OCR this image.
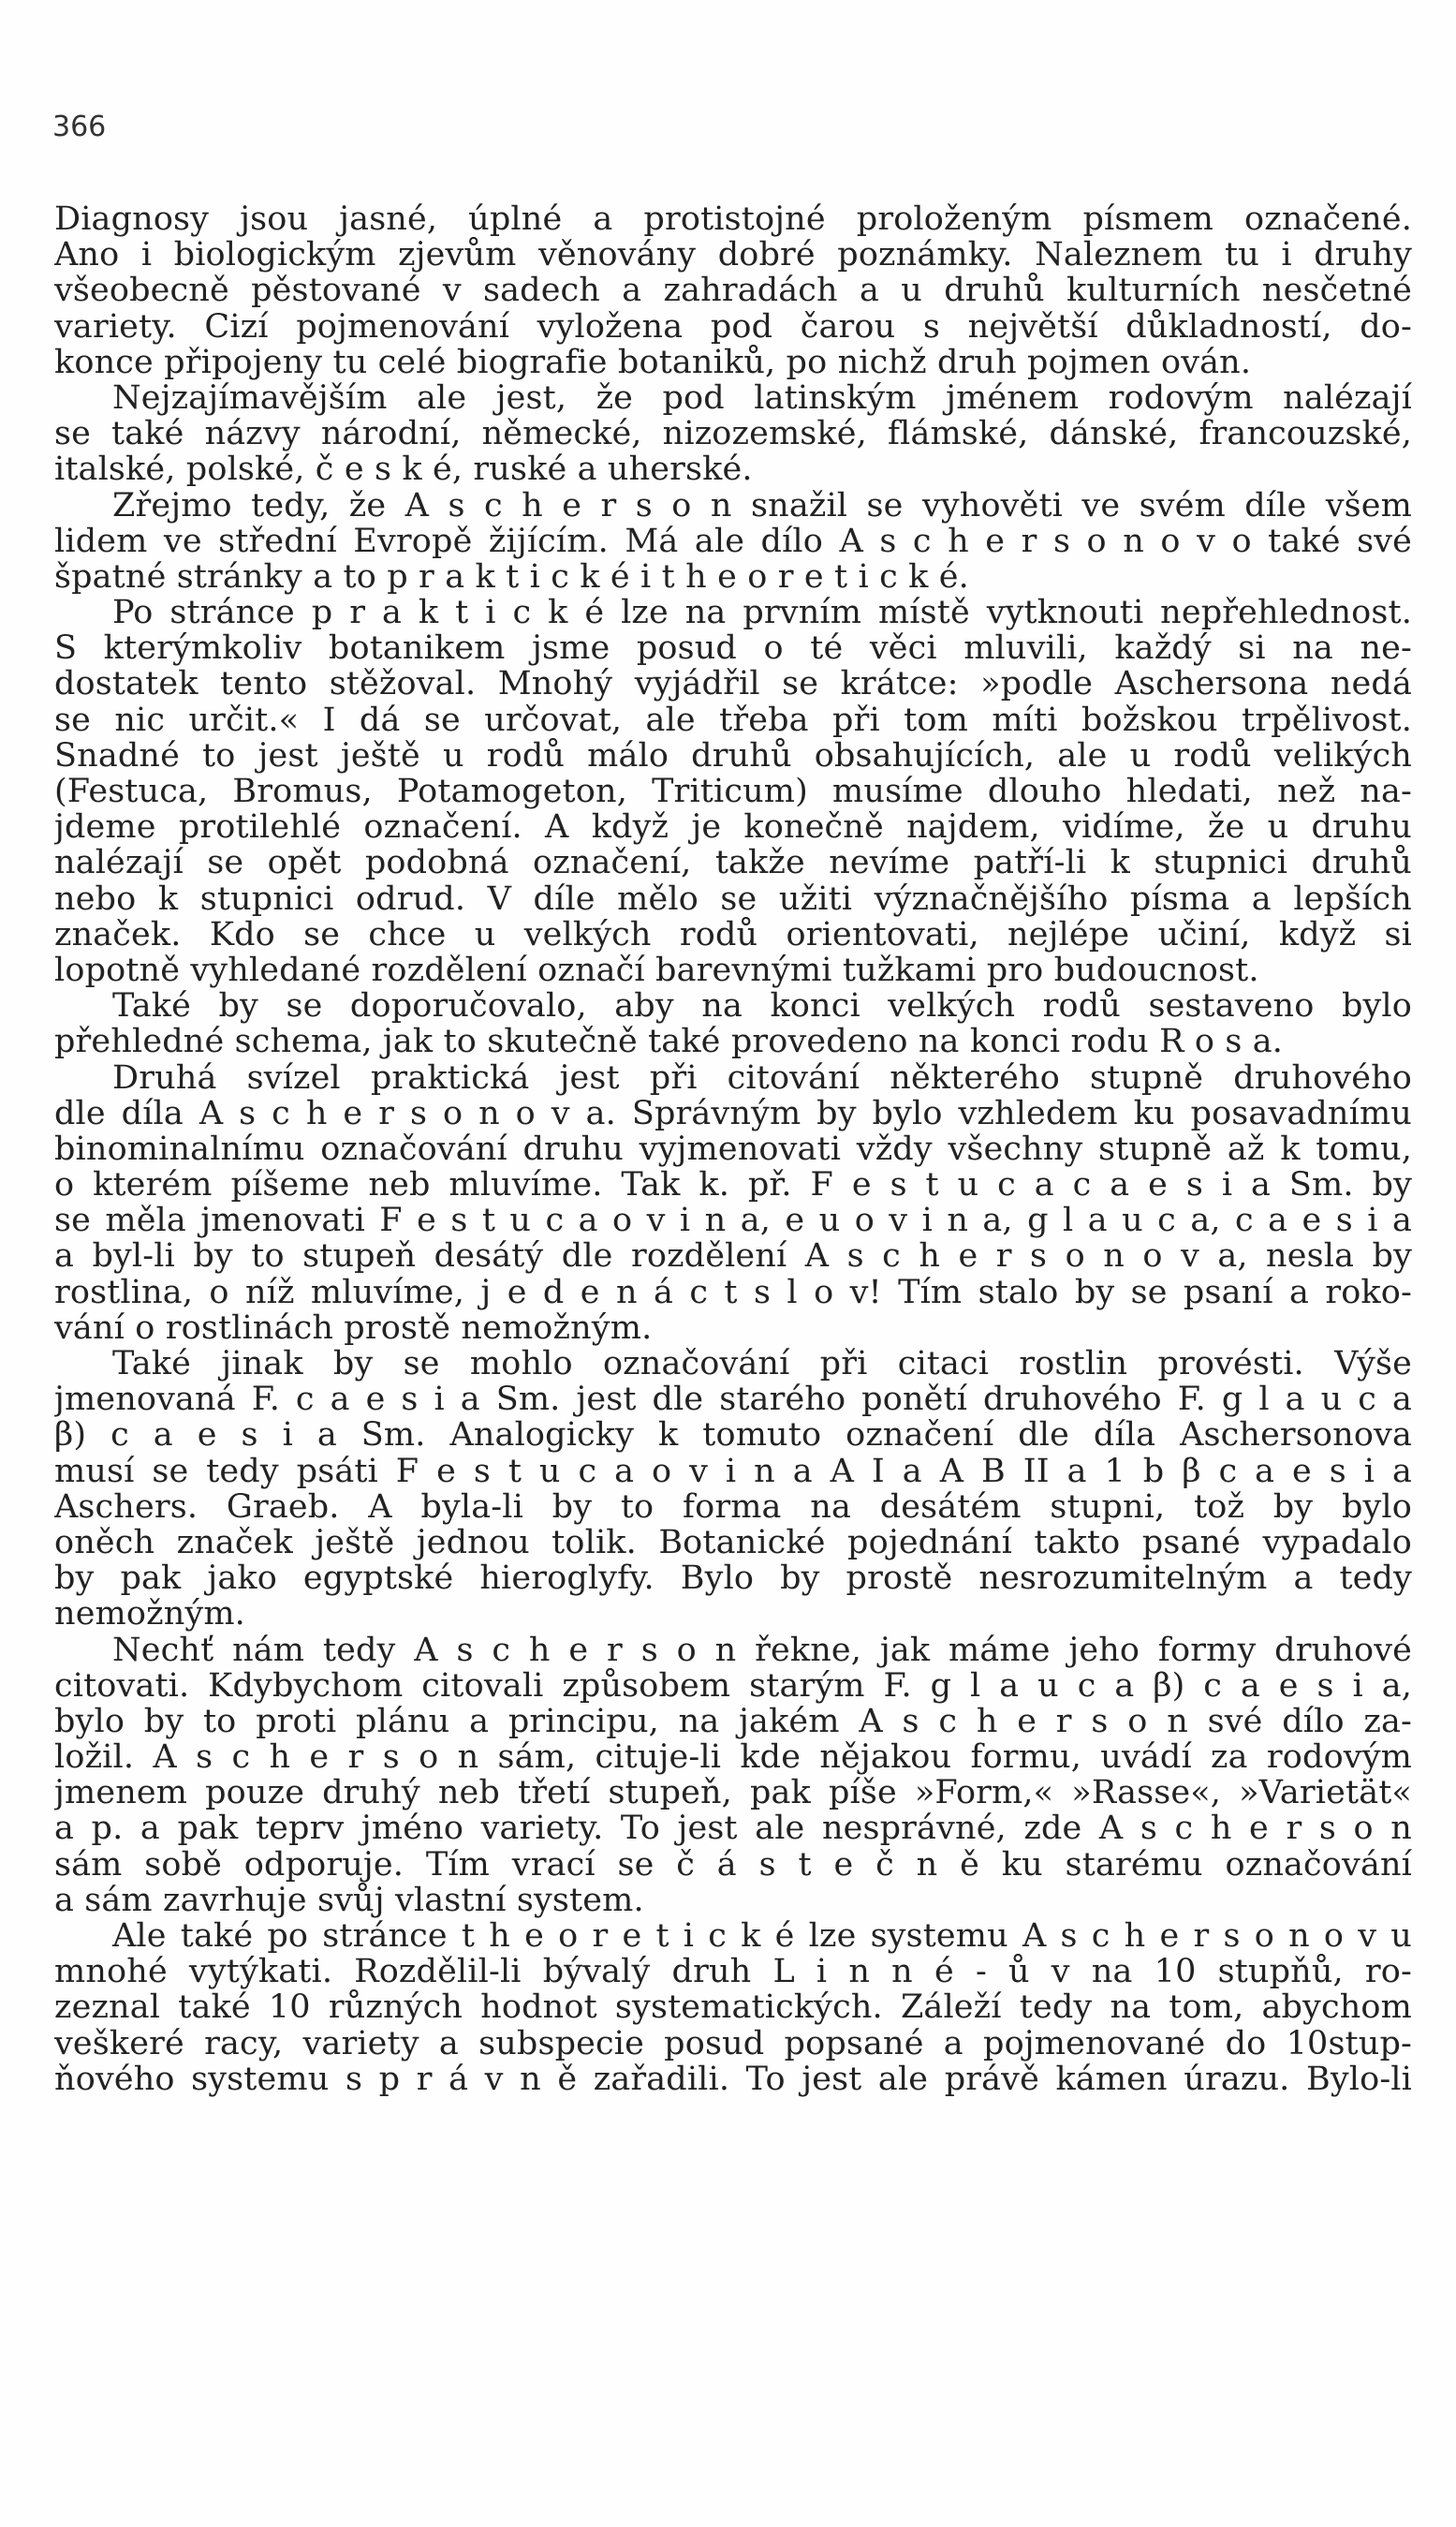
366
Diagnosy jsou jasné, úplné a protistojné proloženým písmem označené.
Ano i biologickým zjevům věnovány dobré poznámky. Naleznem tu i druhy
všeobecně pěstované v sadech a zahradách a u druhů kulturních nesčetné
variety. Cizí pojmenování vyložena pod čarou s největší důkladností, do-
konce připojeny tu celé biografie botaniků, po nichž druh pojmen ován.
Nejzajímavějším ale jest, že pod latinským jménem rodovým nalézají
se také názvy národní, německé, nizozemské, flámské, dánské, francouzské,
italské, polské, č e s k é, ruské a uherské.
Zřejmo tedy, že A s c h e r s o n snažil se vyhověti ve svém díle všem
lidem ve střední Evropě žijícím. Má ale dílo A s c h e r s o n o v o také své
špatné stránky a to p r a k t i c k é i t h e o r e t i c k é.
Po stránce p r a k t i c k é lze na prvním místě vytknouti nepřehlednost.
S kterýmkoliv botanikem jsme posud o té věci mluvili, každý si na ne-
dostatek tento stěžoval. Mnohý vyjádřil se krátce: »podle Aschersona nedá
se nic určit.« I dá se určovat, ale třeba při tom míti božskou trpělivost.
Snadné to jest ještě u rodů málo druhů obsahujících, ale u rodů velikých
(Festuca, Bromus, Potamogeton, Triticum) musíme dlouho hledati, než na-
jdeme protilehlé označení. A když je konečně najdem, vidíme, že u druhu
nalézají se opět podobná označení, takže nevíme patří-li k stupnici druhů
nebo k stupnici odrud. V díle mělo se užiti význačnějšího písma a lepších
značek. Kdo se chce u velkých rodů orientovati, nejlépe učiní, když si
lopotně vyhledané rozdělení označí barevnými tužkami pro budoucnost.
Také by se doporučovalo, aby na konci velkých rodů sestaveno bylo
přehledné schema, jak to skutečně také provedeno na konci rodu R o s a.
Druhá svízel praktická jest při citování některého stupně druhového
dle díla A s c h e r s o n o v a. Správným by bylo vzhledem ku posavadnímu
binominalnímu označování druhu vyjmenovati vždy všechny stupně až k tomu,
o kterém píšeme neb mluvíme. Tak k. př. F e s t u c a c a e s i a Sm. by
se měla jmenovati F e s t u c a o v i n a, e u o v i n a, g l a u c a, c a e s i a
a byl-li by to stupeň desátý dle rozdělení A s c h e r s o n o v a, nesla by
rostlina, o níž mluvíme, j e d e n á c t s l o v! Tím stalo by se psaní a roko-
vání o rostlinách prostě nemožným.
Také jinak by se mohlo označování při citaci rostlin provésti. Výše
jmenovaná F. c a e s i a Sm. jest dle starého ponětí druhového F. g l a u c a
β) c a e s i a Sm. Analogicky k tomuto označení dle díla Aschersonova
musí se tedy psáti F e s t u c a o v i n a A I a A B II a 1 b β c a e s i a
Aschers. Graeb. A byla-li by to forma na desátém stupni, tož by bylo
oněch značek ještě jednou tolik. Botanické pojednání takto psané vypadalo
by pak jako egyptské hieroglyfy. Bylo by prostě nesrozumitelným a tedy
nemožným.
Nechť nám tedy A s c h e r s o n řekne, jak máme jeho formy druhové
citovati. Kdybychom citovali způsobem starým F. g l a u c a β) c a e s i a,
bylo by to proti plánu a principu, na jakém A s c h e r s o n své dílo za-
ložil. A s c h e r s o n sám, cituje-li kde nějakou formu, uvádí za rodovým
jmenem pouze druhý neb třetí stupeň, pak píše »Form,« »Rasse«, »Varietät«
a p. a pak teprv jméno variety. To jest ale nesprávné, zde A s c h e r s o n
sám sobě odporuje. Tím vrací se č á s t e č n ě ku starému označování
a sám zavrhuje svůj vlastní system.
Ale také po stránce t h e o r e t i c k é lze systemu A s c h e r s o n o v u
mnohé vytýkati. Rozdělil-li bývalý druh L i n n é - ů v na 10 stupňů, ro-
zeznal také 10 různých hodnot systematických. Záleží tedy na tom, abychom
veškeré racy, variety a subspecie posud popsané a pojmenované do 10stup-
ňového systemu s p r á v n ě zařadili. To jest ale právě kámen úrazu. Bylo-li
